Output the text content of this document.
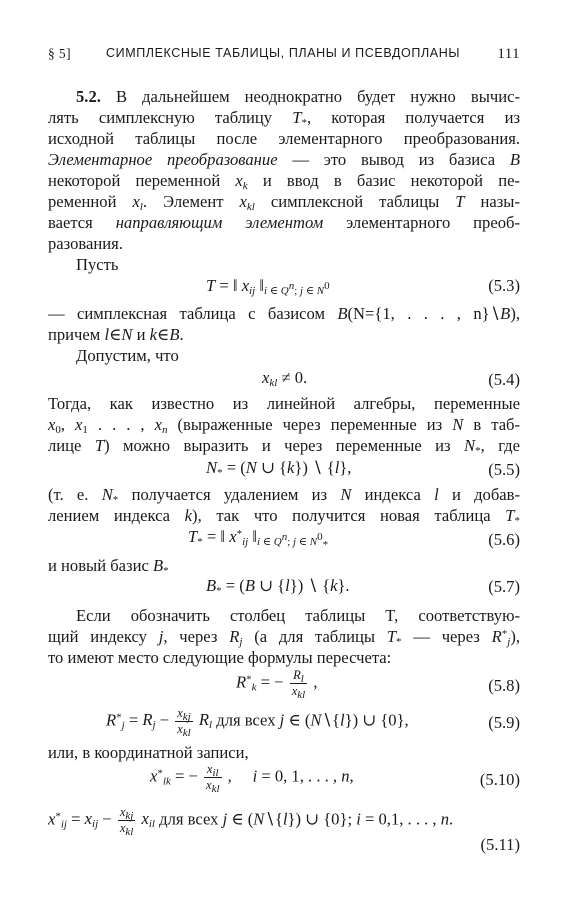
§ 5]	СИМПЛЕКСНЫЕ ТАБЛИЦЫ, ПЛАНЫ И ПСЕВДОПЛАНЫ 111
5.2. В дальнейшем неоднократно будет нужно вычис-
лять симплексную таблицу $T_*$, которая получается из
исходной таблицы после элементарного преобразования.
Элементарное преобразование — это вывод из базиса B
некоторой переменной $x_k$ и ввод в базис некоторой пе-
ременной $x_l$. Элемент $x_{kl}$ симплексной таблицы T назы-
вается направляющим элементом элементарного преоб-
разования.
Пусть
T = ‖ $x_{ij}$ $‖_{i \in Q^n; j \in N^0}$	(5.3)
— симплексная таблица с базисом B(N={1, . . . , n}∖B),
причем l∈N и k∈B.
Допустим, что
$x_{kl} \ne 0$.	(5.4)
Тогда, как известно из линейной алгебры, переменные
$x_0$, $x_1$ . . . , $x_n$ (выраженные через переменные из N в таб-
лице T) можно выразить и через переменные из $N_*$, где
$N_* = (N$ ∪ {k}) ∖ {l},	(5.5)
(т. е. $N_*$ получается удалением из N индекса l и добав-
лением индекса k), так что получится новая таблица $T_*$
$T_*$ = ‖ $x^*_{ij}$ $‖_{i \in Q^n; j \in N^0_*}$	(5.6)
и новый базис $B_*$
$B_* = (B$ ∪ {l}) ∖ {k}.	(5.7)
Если обозначить столбец таблицы T, соответствую-
щий индексу j, через $R_j$ (а для таблицы $T_*$ — через $R^*_j$),
то имеют место следующие формулы пересчета:
$R^*_k$ = − $R_l$
$x_{kl}$
,	(5.8)
$R^*_j = R_j - x_{kj}$
$x_{kl}$
$R_l$ для всех j ∈ (N∖{l}) ∪ {0},	(5.9)
или, в координатной записи,
$x^*_{lk}$ = − $x_{il}$
$x_{kl}$
,     i = 0, 1, . . . , n,	(5.10)
$x^*_{ij} = x_{ij} - x_{kj}$
$x_{kl}$
$x_{il}$ для всех j ∈ (N∖{l}) ∪ {0}; i = 0,1, . . . , n.
(5.11)
